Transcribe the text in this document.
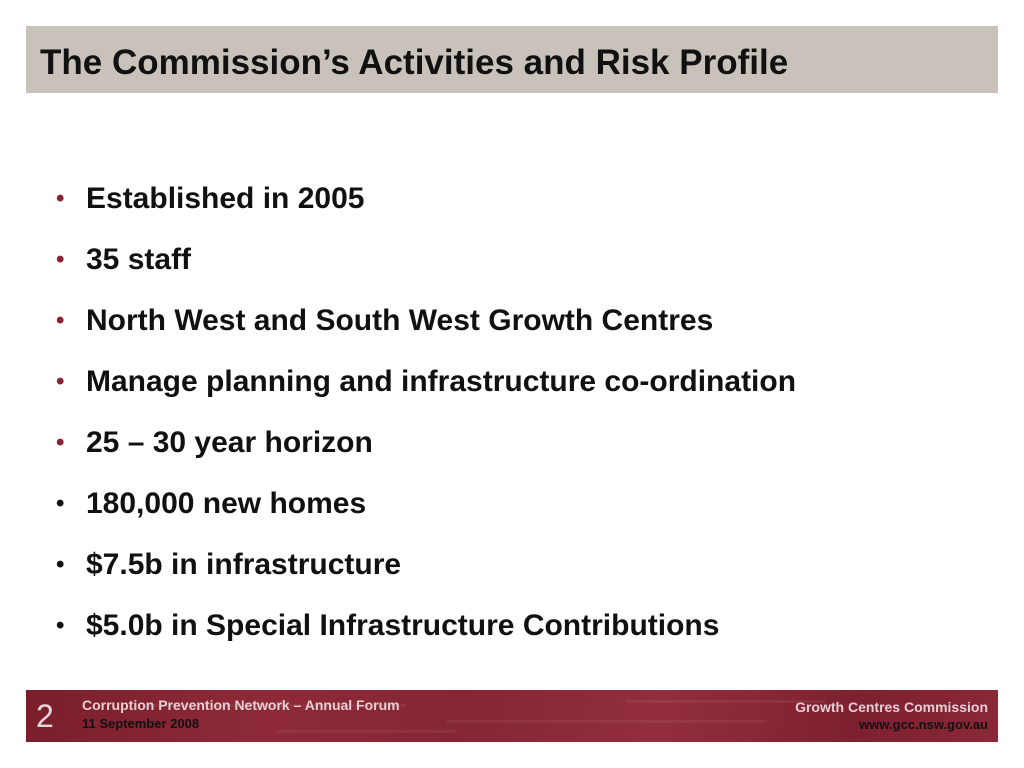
The Commission’s Activities and Risk Profile
• Established in 2005
• 35 staff
• North West and South West Growth Centres
• Manage planning and infrastructure co-ordination
• 25 – 30 year horizon
• 180,000 new homes
• $7.5b in infrastructure
• $5.0b in Special Infrastructure Contributions
2 Corruption Prevention Network – Annual Forum
11 September 2008
Growth Centres Commission
www.gcc.nsw.gov.au
